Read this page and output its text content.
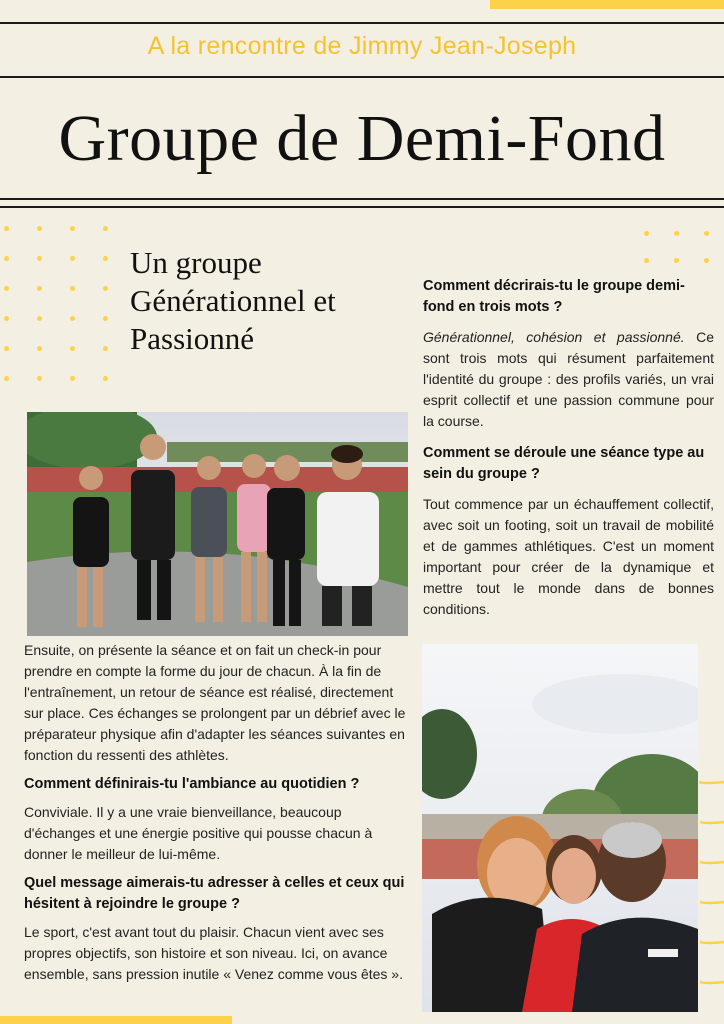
A la rencontre de Jimmy Jean-Joseph
Groupe de Demi-Fond
Un groupe
Générationnel et
Passionné
Comment décrirais-tu le groupe demi-fond en trois mots ?
Générationnel, cohésion et passionné. Ce sont trois mots qui résument parfaitement l'identité du groupe : des profils variés, un vrai esprit collectif et une passion commune pour la course.
Comment se déroule une séance type au sein du groupe ?
Tout commence par un échauffement collectif, avec soit un footing, soit un travail de mobilité et de gammes athlétiques. C'est un moment important pour créer de la dynamique et mettre tout le monde dans de bonnes conditions.
Ensuite, on présente la séance et on fait un check-in pour prendre en compte la forme du jour de chacun. À la fin de l'entraînement, un retour de séance est réalisé, directement sur place. Ces échanges se prolongent par un débrief avec le préparateur physique afin d'adapter les séances suivantes en fonction du ressenti des athlètes.
Comment définirais-tu l'ambiance au quotidien ?
Conviviale. Il y a une vraie bienveillance, beaucoup d'échanges et une énergie positive qui pousse chacun à donner le meilleur de lui-même.
Quel message aimerais-tu adresser à celles et ceux qui hésitent à rejoindre le groupe ?
Le sport, c'est avant tout du plaisir. Chacun vient avec ses propres objectifs, son histoire et son niveau. Ici, on avance ensemble, sans pression inutile « Venez comme vous êtes ».
